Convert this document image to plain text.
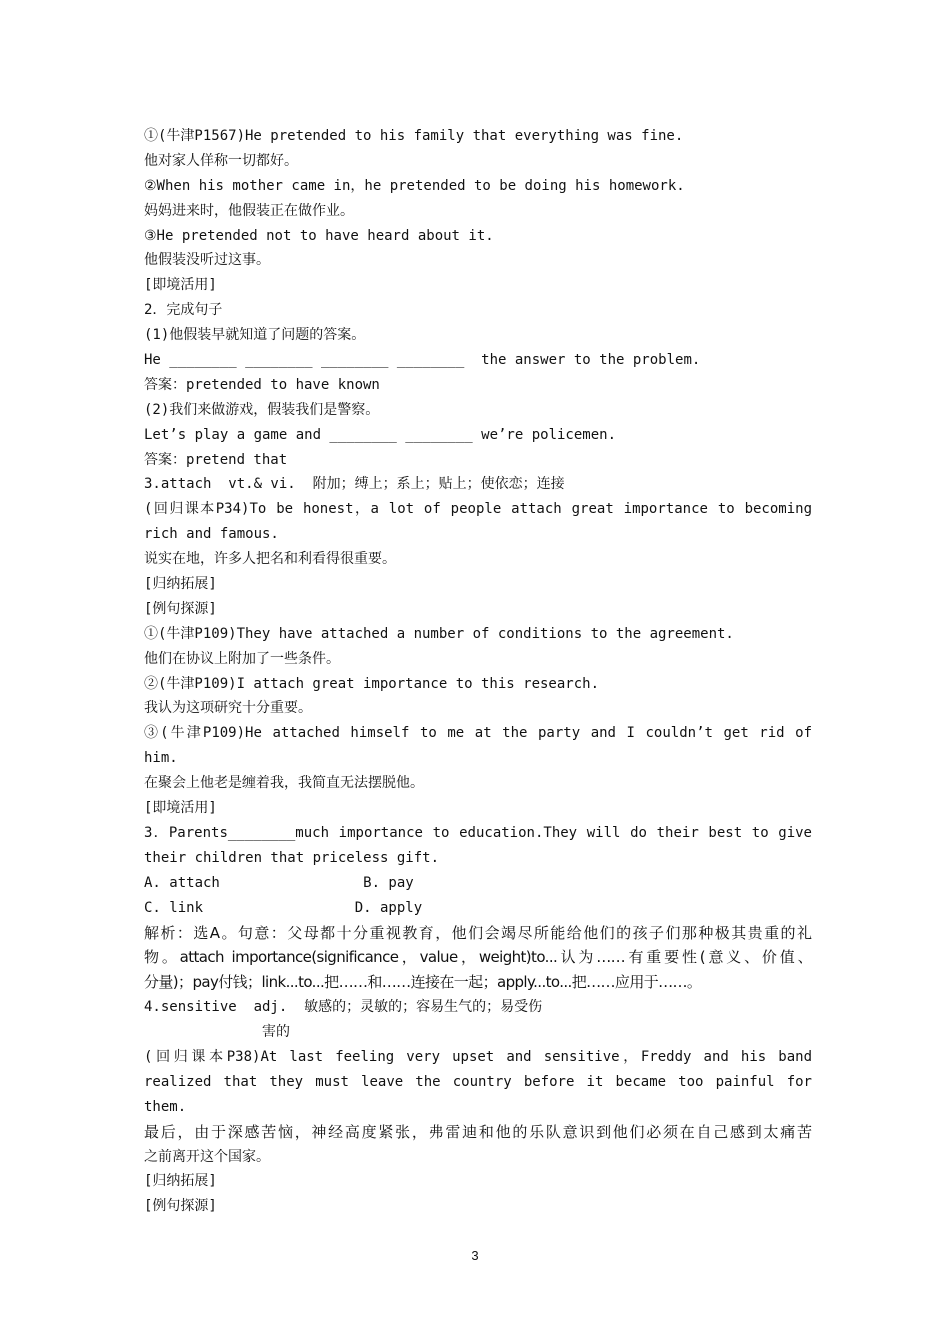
①(牛津P1567)He pretended to his family that everything was fine.
他对家人佯称一切都好。
②When his mother came in，he pretended to be doing his homework.
妈妈进来时，他假装正在做作业。
③He pretended not to have heard about it.
他假装没听过这事。
[即境活用]
2．完成句子
(1)他假装早就知道了问题的答案。
He ________ ________ ________ ________  the answer to the problem.
答案：pretended to have known
(2)我们来做游戏，假装我们是警察。
Let’s play a game and ________ ________ we’re policemen.
答案：pretend that
3.attach  vt.& vi.  附加；缚上；系上；贴上；使依恋；连接
(回归课本P34)To be honest，a lot of people attach great importance to becoming
rich and famous.
说实在地，许多人把名和利看得很重要。
[归纳拓展]
[例句探源]
①(牛津P109)They have attached a number of conditions to the agreement.
他们在协议上附加了一些条件。
②(牛津P109)I attach great importance to this research.
我认为这项研究十分重要。
③(牛津P109)He attached himself to me at the party and I couldn’t get rid of
him.
在聚会上他老是缠着我，我简直无法摆脱他。
[即境活用]
3．Parents________much importance to education.They will do their best to give
their children that priceless gift.
A. attach                 B. pay
C. link                  D. apply
解析：选A。句意：父母都十分重视教育，他们会竭尽所能给他们的孩子们那种极其贵重的礼
物。attach importance(significance，value，weight)to...认为……有重要性(意义、价值、
分量)；pay付钱；link...to...把……和……连接在一起；apply...to...把……应用于……。
4.sensitive  adj.  敏感的；灵敏的；容易生气的；易受伤
害的
(回归课本P38)At last feeling very upset and sensitive，Freddy and his band
realized that they must leave the country before it became too painful for
them.
最后，由于深感苦恼，神经高度紧张，弗雷迪和他的乐队意识到他们必须在自己感到太痛苦
之前离开这个国家。
[归纳拓展]
[例句探源]
3
